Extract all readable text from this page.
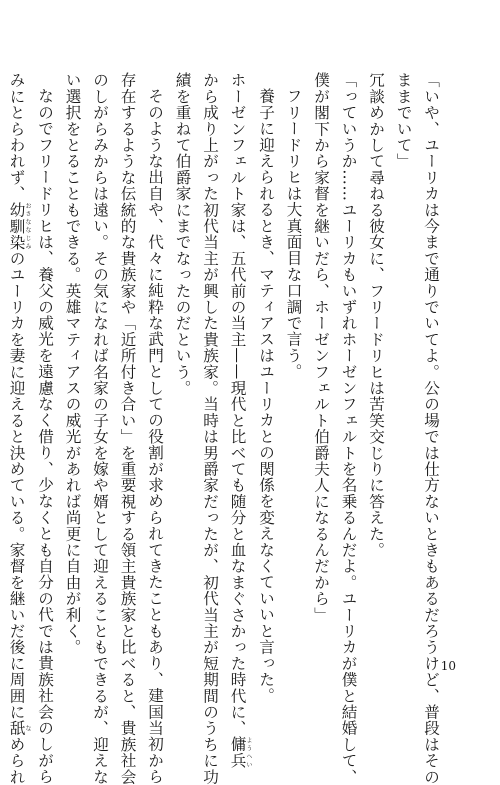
「いや、ユーリカは今まで通りでいてよ。公の場では仕方ないときもあるだろうけど、普段はその

ままでいて」

冗談めかして尋ねる彼女に、フリードリヒは苦笑交じりに答えた。

「っていうか……ユーリカもいずれホーゼンフェルトを名乗るんだよ。ユーリカが僕と結婚して、

僕が閣下から家督を継いだら、ホーゼンフェルト伯爵夫人になるんだから」

フリードリヒは大真面目な口調で言う。

養子に迎えられるとき、マティアスはユーリカとの関係を変えなくていいと言った。

ホーゼンフェルト家は、五代前の当主——現代と比べても随分と血なまぐさかった時代に、傭兵ようへい

から成り上がった初代当主が興した貴族家。当時は男爵家だったが、初代当主が短期間のうちに功

績を重ねて伯爵家にまでなったのだという。

そのような出自や、代々に純粋な武門としての役割が求められてきたこともあり、建国当初から

存在するような伝統的な貴族家や「近所付き合い」を重要視する領主貴族家と比べると、貴族社会

のしがらみからは遠い。その気になれば名家の子女を嫁や婿として迎えることもできるが、迎えな

い選択をとることもできる。英雄マティアスの威光があれば尚更に自由が利く。

なのでフリードリヒは、養父の威光を遠慮なく借り、少なくとも自分の代では貴族社会のしがら

みにとらわれず、幼馴染おさななじみのユーリカを妻に迎えると決めている。家督を継いだ後に周囲に舐なめられ

10
